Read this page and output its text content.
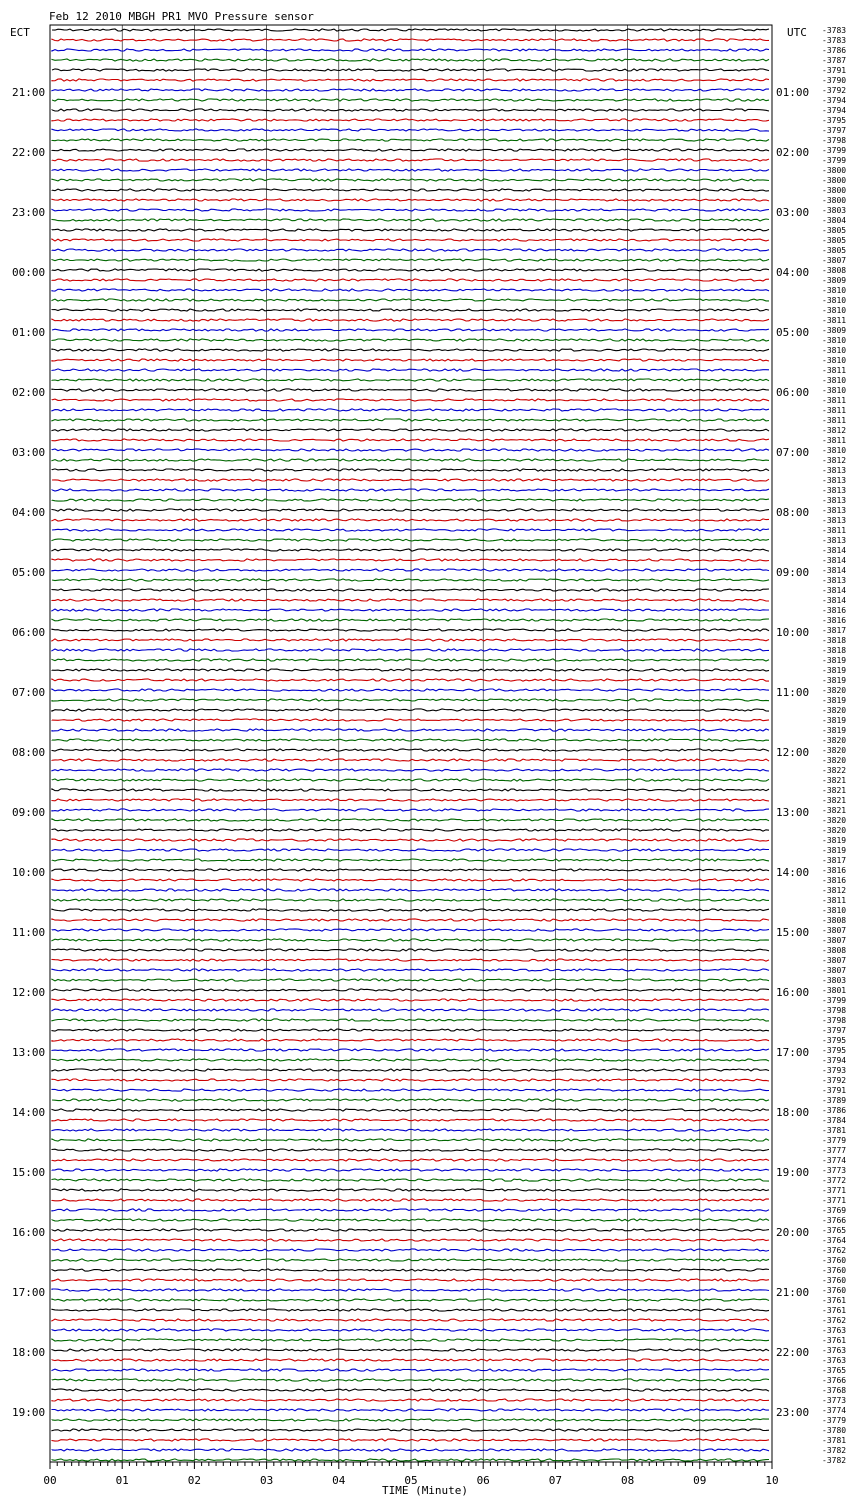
Feb 12 2010 MBGH PR1 MVO Pressure sensor
ECT	UTC
21:00
22:00
23:00
00:00
01:00
02:00
03:00
04:00
05:00
06:00
07:00
08:00
09:00
10:00
11:00
12:00
13:00
14:00
15:00
16:00
17:00
18:00
19:00
01:00
02:00
03:00
04:00
05:00
06:00
07:00
08:00
09:00
10:00
11:00
12:00
13:00
14:00
15:00
16:00
17:00
18:00
19:00
20:00
21:00
22:00
23:00
-3783
-3783
-3786
-3787
-3791
-3790
-3792
-3794
-3794
-3795
-3797
-3798
-3799
-3799
-3800
-3800
-3800
-3800
-3803
-3804
-3805
-3805
-3805
-3807
-3808
-3809
-3810
-3810
-3810
-3811
-3809
-3810
-3810
-3810
-3811
-3810
-3810
-3811
-3811
-3811
-3812
-3811
-3810
-3812
-3813
-3813
-3813
-3813
-3813
-3813
-3811
-3813
-3814
-3814
-3814
-3813
-3814
-3814
-3816
-3816
-3817
-3818
-3818
-3819
-3819
-3819
-3820
-3819
-3820
-3819
-3819
-3820
-3820
-3820
-3822
-3821
-3821
-3821
-3821
-3820
-3820
-3819
-3819
-3817
-3816
-3816
-3812
-3811
-3810
-3808
-3807
-3807
-3808
-3807
-3807
-3803
-3801
-3799
-3798
-3798
-3797
-3795
-3795
-3794
-3793
-3792
-3791
-3789
-3786
-3784
-3781
-3779
-3777
-3774
-3773
-3772
-3771
-3771
-3769
-3766
-3765
-3764
-3762
-3760
-3760
-3760
-3760
-3761
-3761
-3762
-3763
-3761
-3763
-3763
-3765
-3766
-3768
-3773
-3774
-3779
-3780
-3781
-3782
-3782
00	01	02	03	04	05	06	07	08	09	10
TIME (Minute)
